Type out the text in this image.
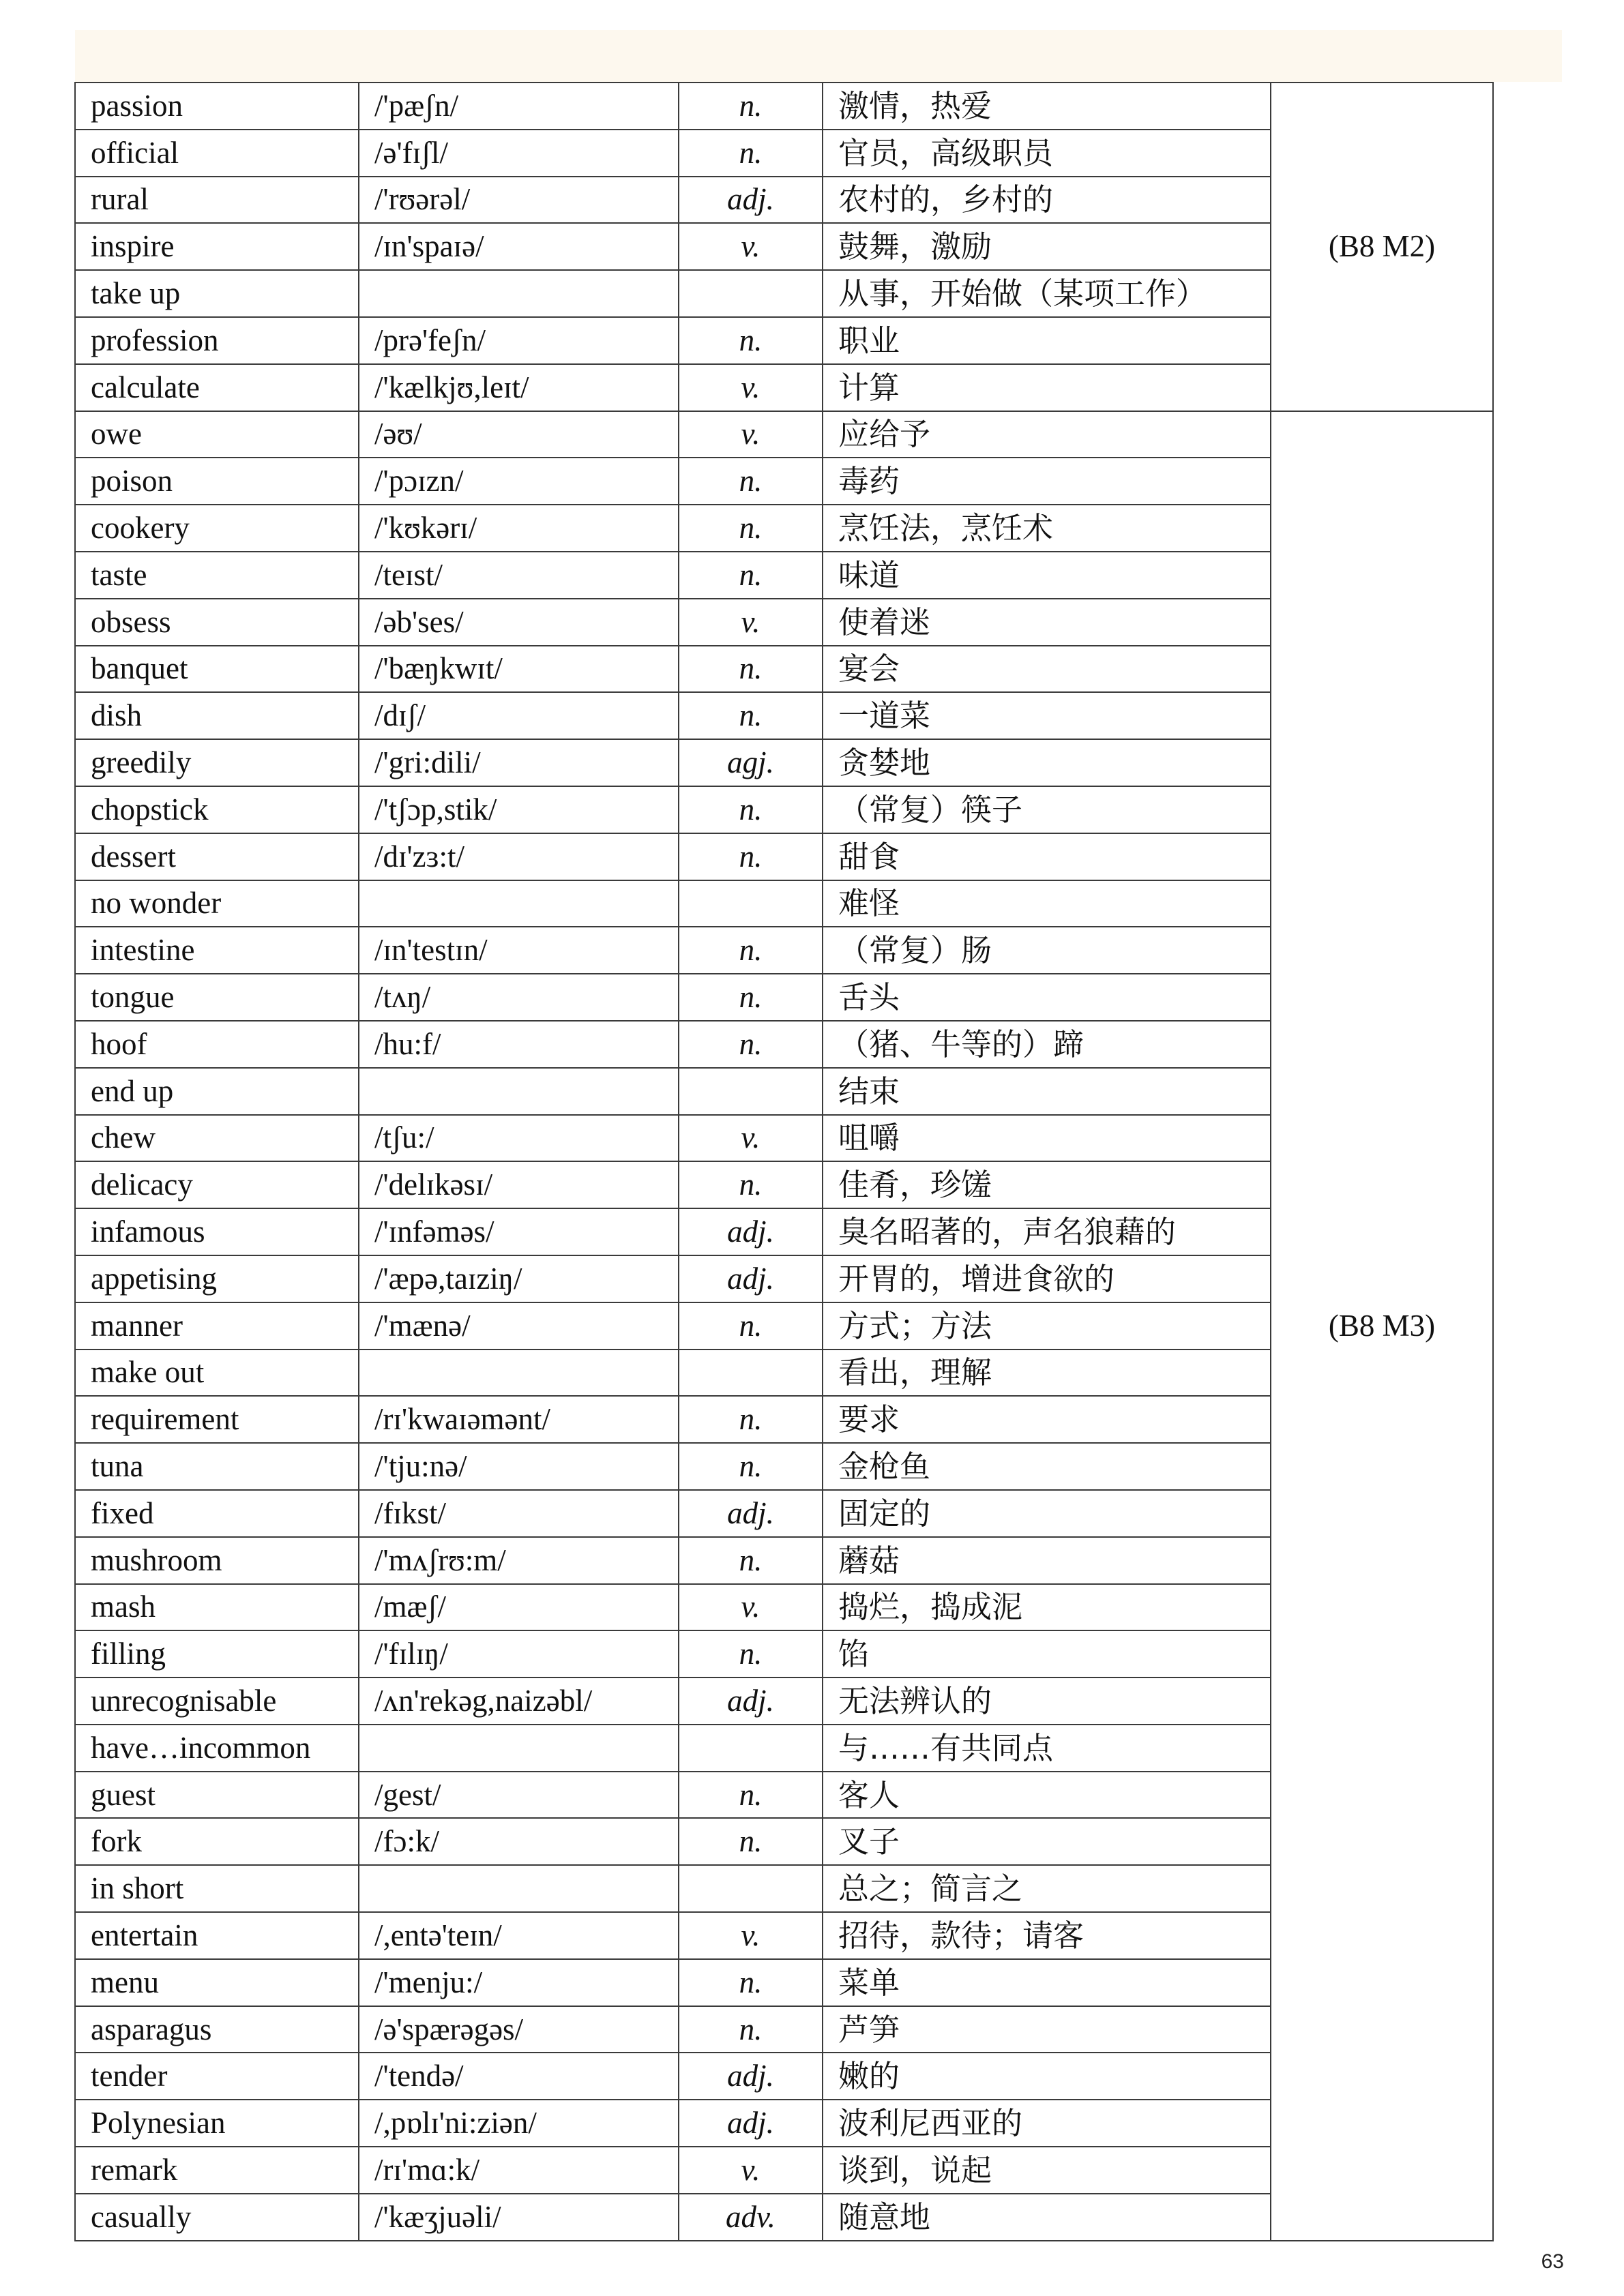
passion	/'pæʃn/	n.	激情，热爱	(B8 M2)
official	/ə'fɪʃl/	n.	官员，高级职员	
rural	/'rʊərəl/	adj.	农村的，乡村的	
inspire	/ɪn'spaɪə/	v.	鼓舞，激励	
take up			从事，开始做（某项工作）	
profession	/prə'feʃn/	n.	职业	
calculate	/'kælkjʊ,leɪt/	v.	计算	
owe	/əʊ/	v.	应给予	(B8 M3)
poison	/'pɔɪzn/	n.	毒药	
cookery	/'kʊkərɪ/	n.	烹饪法，烹饪术	
taste	/teɪst/	n.	味道	
obsess	/əb'ses/	v.	使着迷	
banquet	/'bæŋkwɪt/	n.	宴会	
dish	/dɪʃ/	n.	一道菜	
greedily	/'gri:dili/	agj.	贪婪地	
chopstick	/'tʃɔp,stik/	n.	（常复）筷子	
dessert	/dɪ'zɜ:t/	n.	甜食	
no wonder			难怪	
intestine	/ɪn'testɪn/	n.	（常复）肠	
tongue	/tʌŋ/	n.	舌头	
hoof	/hu:f/	n.	（猪、牛等的）蹄	
end up			结束	
chew	/tʃu:/	v.	咀嚼	
delicacy	/'delɪkəsɪ/	n.	佳肴，珍馐	
infamous	/'ɪnfəməs/	adj.	臭名昭著的，声名狼藉的	
appetising	/'æpə,taɪziŋ/	adj.	开胃的，增进食欲的	
manner	/'mænə/	n.	方式；方法	
make out			看出，理解	
requirement	/rɪ'kwaɪəmənt/	n.	要求	
tuna	/'tju:nə/	n.	金枪鱼	
fixed	/fɪkst/	adj.	固定的	
mushroom	/'mʌʃrʊ:m/	n.	蘑菇	
mash	/mæʃ/	v.	捣烂，捣成泥	
filling	/'fɪlɪŋ/	n.	馅	
unrecognisable	/ʌn'rekəg,naizəbl/	adj.	无法辨认的	
have…incommon			与……有共同点	
guest	/gest/	n.	客人	
fork	/fɔ:k/	n.	叉子	
in short			总之；简言之	
entertain	/,entə'teɪn/	v.	招待，款待；请客	
menu	/'menju:/	n.	菜单	
asparagus	/ə'spærəgəs/	n.	芦笋	
tender	/'tendə/	adj.	嫩的	
Polynesian	/,pɒlɪ'ni:ziən/	adj.	波利尼西亚的	
remark	/rɪ'mɑ:k/	v.	谈到，说起	
casually	/'kæʒjuəli/	adv.	随意地	
63
